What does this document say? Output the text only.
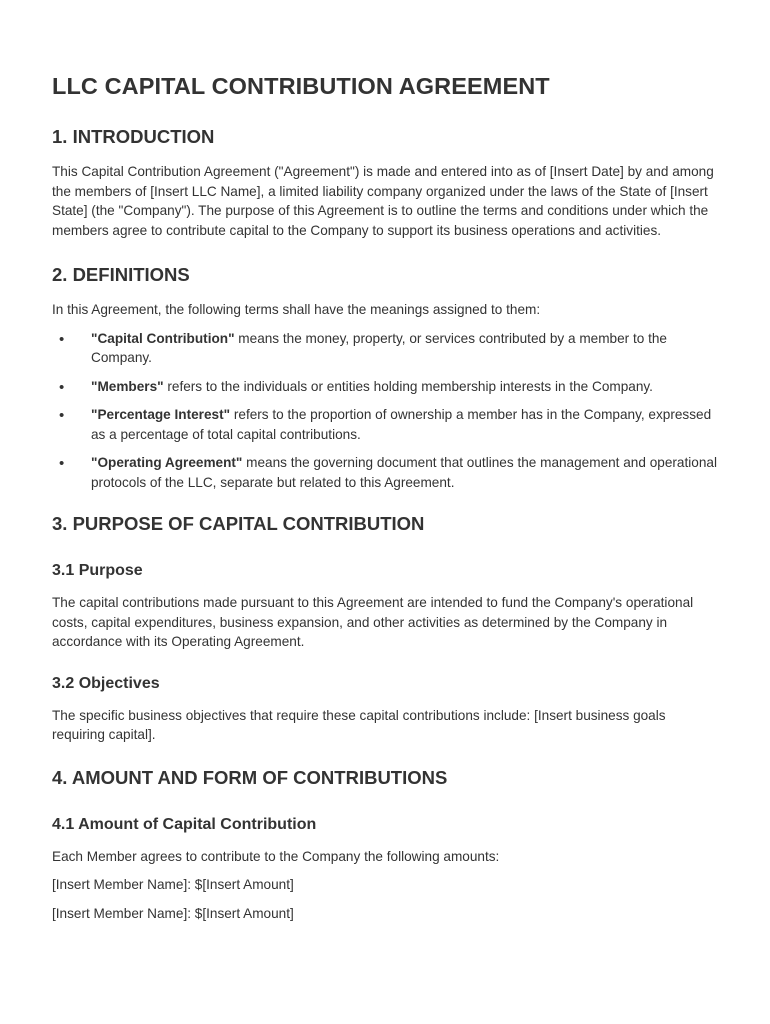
LLC CAPITAL CONTRIBUTION AGREEMENT
1. INTRODUCTION

This Capital Contribution Agreement ("Agreement") is made and entered into as of [Insert Date] by and among the members of [Insert LLC Name], a limited liability company organized under the laws of the State of [Insert State] (the "Company"). The purpose of this Agreement is to outline the terms and conditions under which the members agree to contribute capital to the Company to support its business operations and activities.

2. DEFINITIONS

In this Agreement, the following terms shall have the meanings assigned to them:

• "Capital Contribution" means the money, property, or services contributed by a member to the Company.
• "Members" refers to the individuals or entities holding membership interests in the Company.
• "Percentage Interest" refers to the proportion of ownership a member has in the Company, expressed as a percentage of total capital contributions.
• "Operating Agreement" means the governing document that outlines the management and operational protocols of the LLC, separate but related to this Agreement.
3. PURPOSE OF CAPITAL CONTRIBUTION
3.1 Purpose

The capital contributions made pursuant to this Agreement are intended to fund the Company's operational costs, capital expenditures, business expansion, and other activities as determined by the Company in accordance with its Operating Agreement.

3.2 Objectives

The specific business objectives that require these capital contributions include: [Insert business goals requiring capital].

4. AMOUNT AND FORM OF CONTRIBUTIONS
4.1 Amount of Capital Contribution

Each Member agrees to contribute to the Company the following amounts:

[Insert Member Name]: $[Insert Amount]

[Insert Member Name]: $[Insert Amount]
